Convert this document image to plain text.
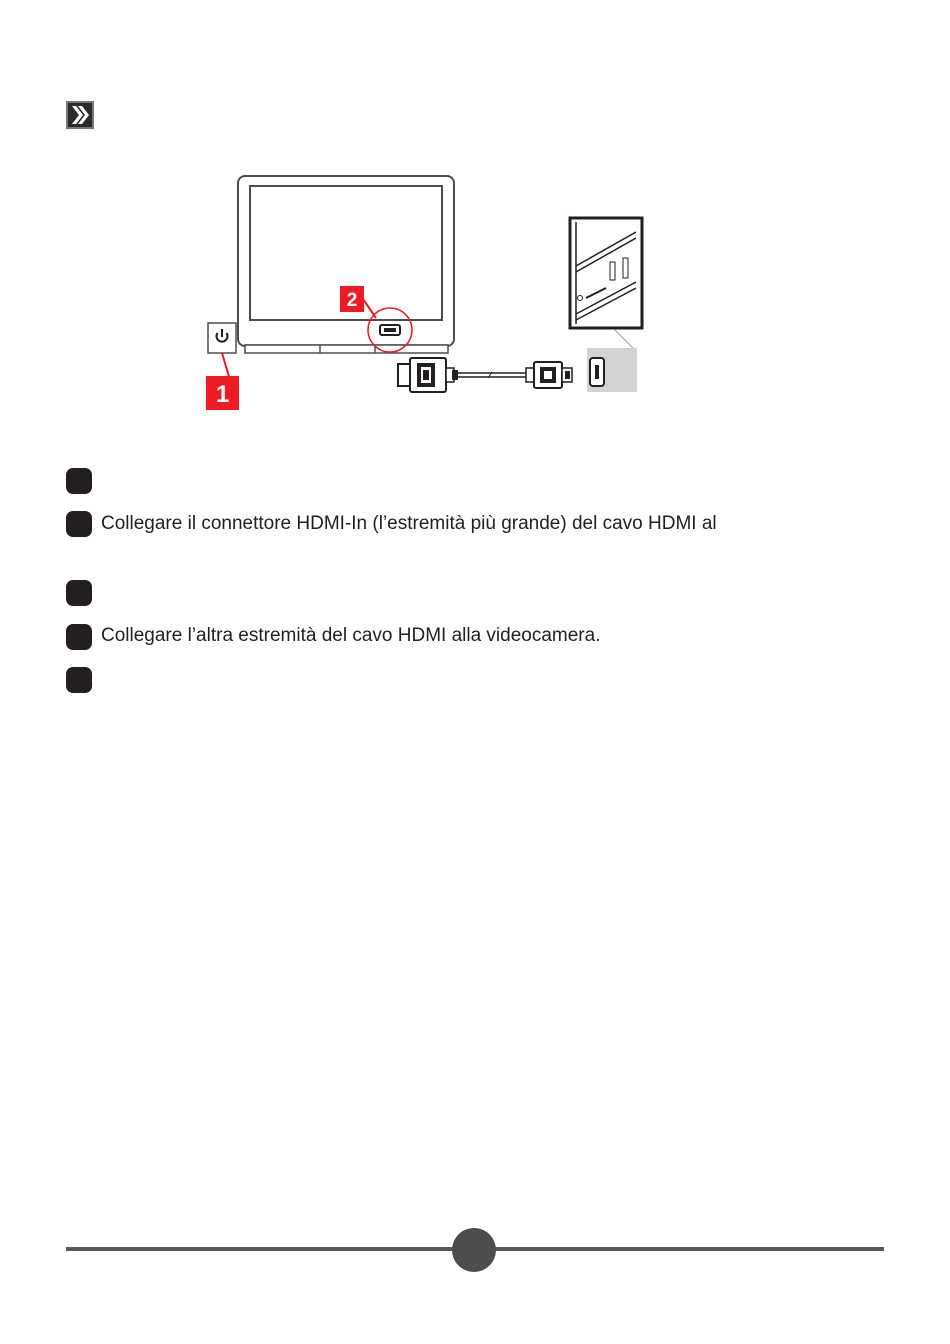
1
2
Collegare il connettore HDMI-In (l’estremità più grande) del cavo HDMI al
Collegare l’altra estremità del cavo HDMI alla videocamera.
